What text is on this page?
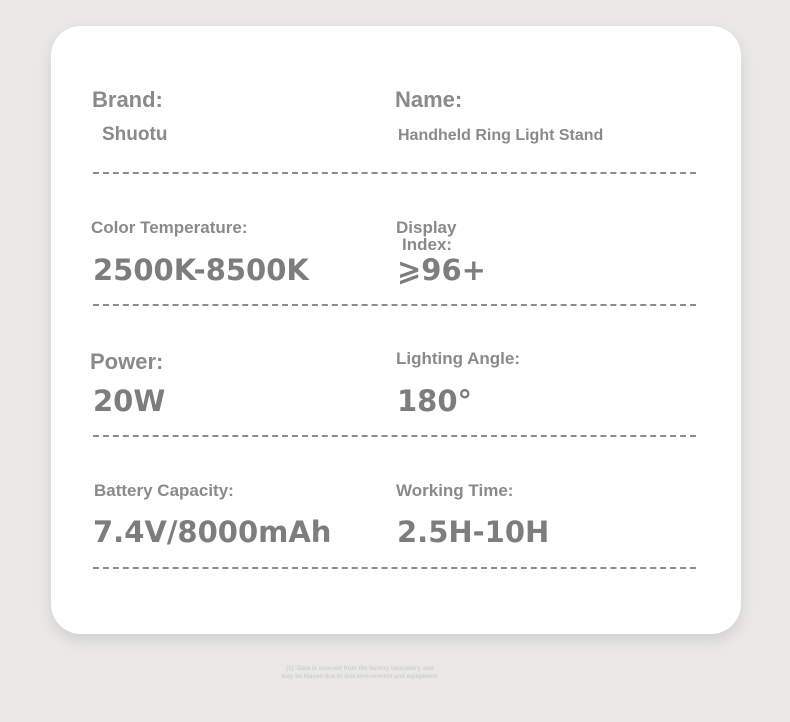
Brand:
Shuotu
Name:
Handheld Ring Light Stand
Color Temperature:
2500K-8500K
Display
Index:
⩾96+
Power:
20W
Lighting Angle:
180°
Battery Capacity:
7.4V/8000mAh
Working Time:
2.5H-10H
[1]: Data is sourced from the factory laboratory, and
may be biased due to test environment and equipment.
